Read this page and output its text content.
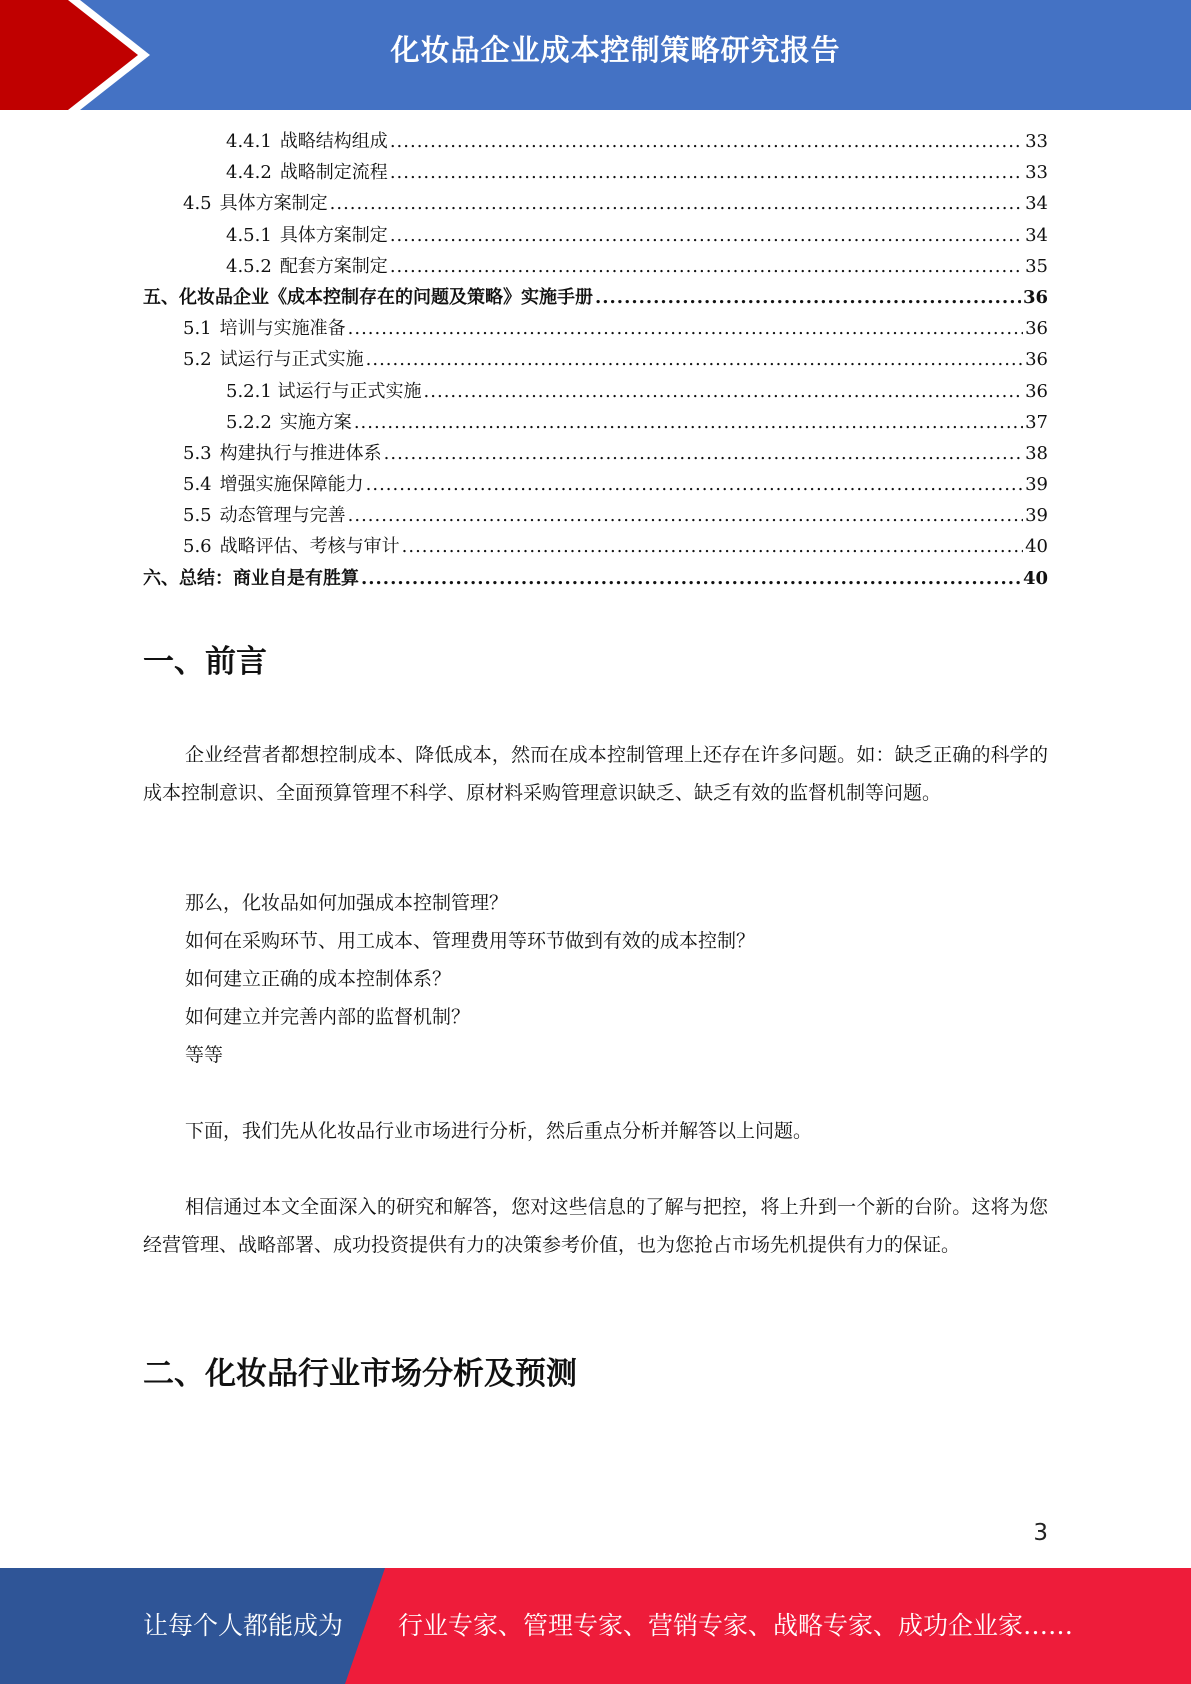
化妆品企业成本控制策略研究报告
4.4.1 战略结构组成 .....	33
4.4.2 战略制定流程 .....	33
4.5 具体方案制定 .....	34
4.5.1 具体方案制定 .....	34
4.5.2 配套方案制定 .....	35
五、化妆品企业《成本控制存在的问题及策略》实施手册 .....	36
5.1 培训与实施准备 .....	36
5.2 试运行与正式实施 .....	36
5.2.1 试运行与正式实施 .....	36
5.2.2 实施方案 .....	37
5.3 构建执行与推进体系 .....	38
5.4 增强实施保障能力 .....	39
5.5 动态管理与完善 .....	39
5.6 战略评估、考核与审计 .....	40
六、总结：商业自是有胜算 .....	40
一、前言

企业经营者都想控制成本、降低成本，然而在成本控制管理上还存在许多问题。如：缺乏正确的科学的成本控制意识、全面预算管理不科学、原材料采购管理意识缺乏、缺乏有效的监督机制等问题。

那么，化妆品如何加强成本控制管理？
如何在采购环节、用工成本、管理费用等环节做到有效的成本控制？
如何建立正确的成本控制体系？
如何建立并完善内部的监督机制？
等等

下面，我们先从化妆品行业市场进行分析，然后重点分析并解答以上问题。

相信通过本文全面深入的研究和解答，您对这些信息的了解与把控，将上升到一个新的台阶。这将为您经营管理、战略部署、成功投资提供有力的决策参考价值，也为您抢占市场先机提供有力的保证。

二、化妆品行业市场分析及预测
3
让每个人都能成为 行业专家、管理专家、营销专家、战略专家、成功企业家……
